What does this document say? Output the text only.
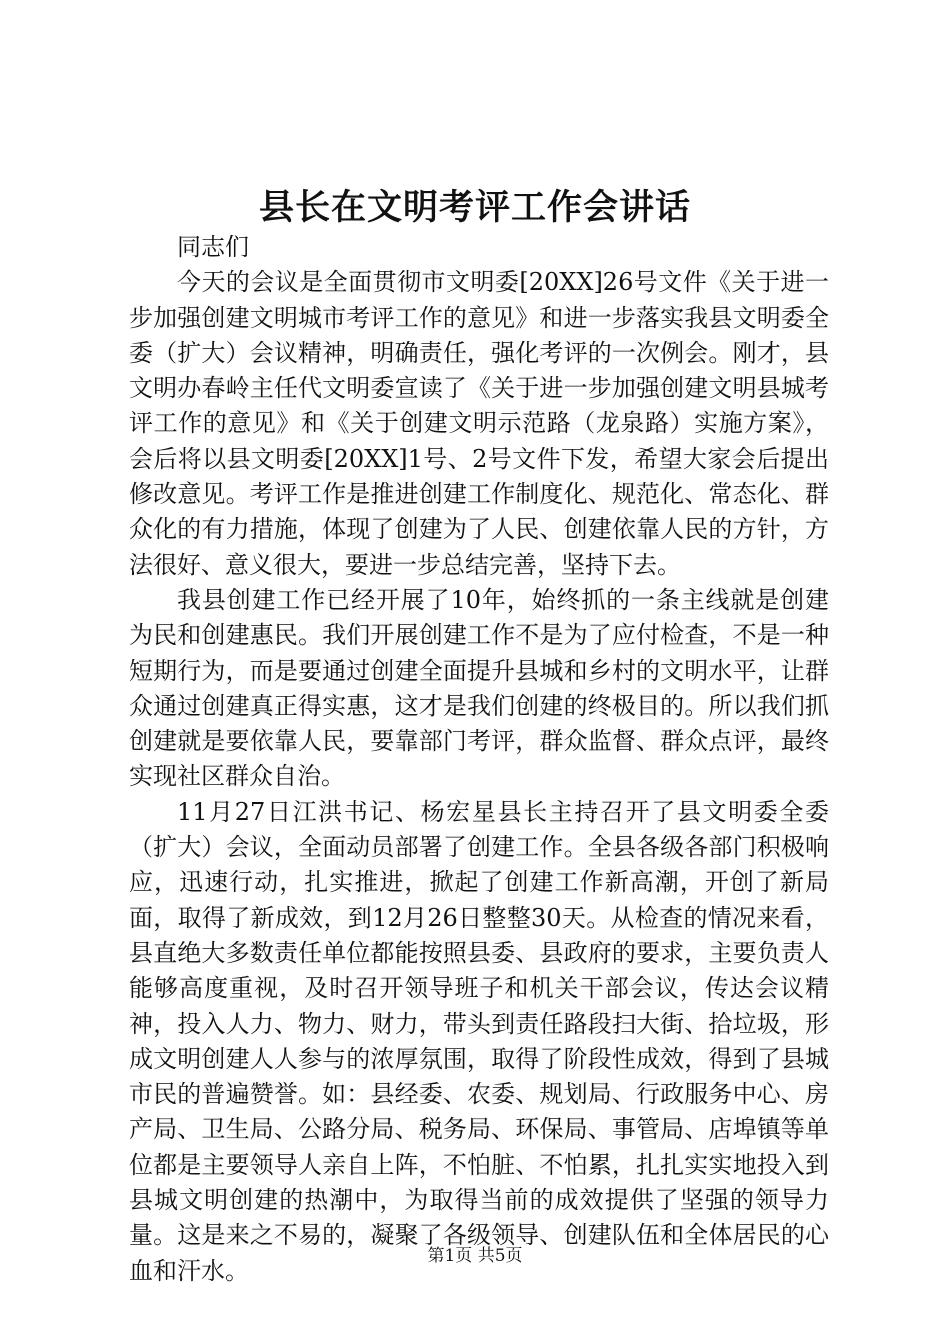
县长在文明考评工作会讲话

同志们

今天的会议是全面贯彻市文明委[20XX]26号文件《关于进一步加强创建文明城市考评工作的意见》和进一步落实我县文明委全委（扩大）会议精神，明确责任，强化考评的一次例会。刚才，县文明办春岭主任代文明委宣读了《关于进一步加强创建文明县城考评工作的意见》和《关于创建文明示范路（龙泉路）实施方案》，会后将以县文明委[20XX]1号、2号文件下发，希望大家会后提出修改意见。考评工作是推进创建工作制度化、规范化、常态化、群众化的有力措施，体现了创建为了人民、创建依靠人民的方针，方法很好、意义很大，要进一步总结完善，坚持下去。

我县创建工作已经开展了10年，始终抓的一条主线就是创建为民和创建惠民。我们开展创建工作不是为了应付检查，不是一种短期行为，而是要通过创建全面提升县城和乡村的文明水平，让群众通过创建真正得实惠，这才是我们创建的终极目的。所以我们抓创建就是要依靠人民，要靠部门考评，群众监督、群众点评，最终实现社区群众自治。

11月27日江洪书记、杨宏星县长主持召开了县文明委全委（扩大）会议，全面动员部署了创建工作。全县各级各部门积极响应，迅速行动，扎实推进，掀起了创建工作新高潮，开创了新局面，取得了新成效，到12月26日整整30天。从检查的情况来看，县直绝大多数责任单位都能按照县委、县政府的要求，主要负责人能够高度重视，及时召开领导班子和机关干部会议，传达会议精神，投入人力、物力、财力，带头到责任路段扫大街、拾垃圾，形成文明创建人人参与的浓厚氛围，取得了阶段性成效，得到了县城市民的普遍赞誉。如：县经委、农委、规划局、行政服务中心、房产局、卫生局、公路分局、税务局、环保局、事管局、店埠镇等单位都是主要领导人亲自上阵，不怕脏、不怕累，扎扎实实地投入到县城文明创建的热潮中，为取得当前的成效提供了坚强的领导力量。这是来之不易的，凝聚了各级领导、创建队伍和全体居民的心血和汗水。

第1页 共5页
